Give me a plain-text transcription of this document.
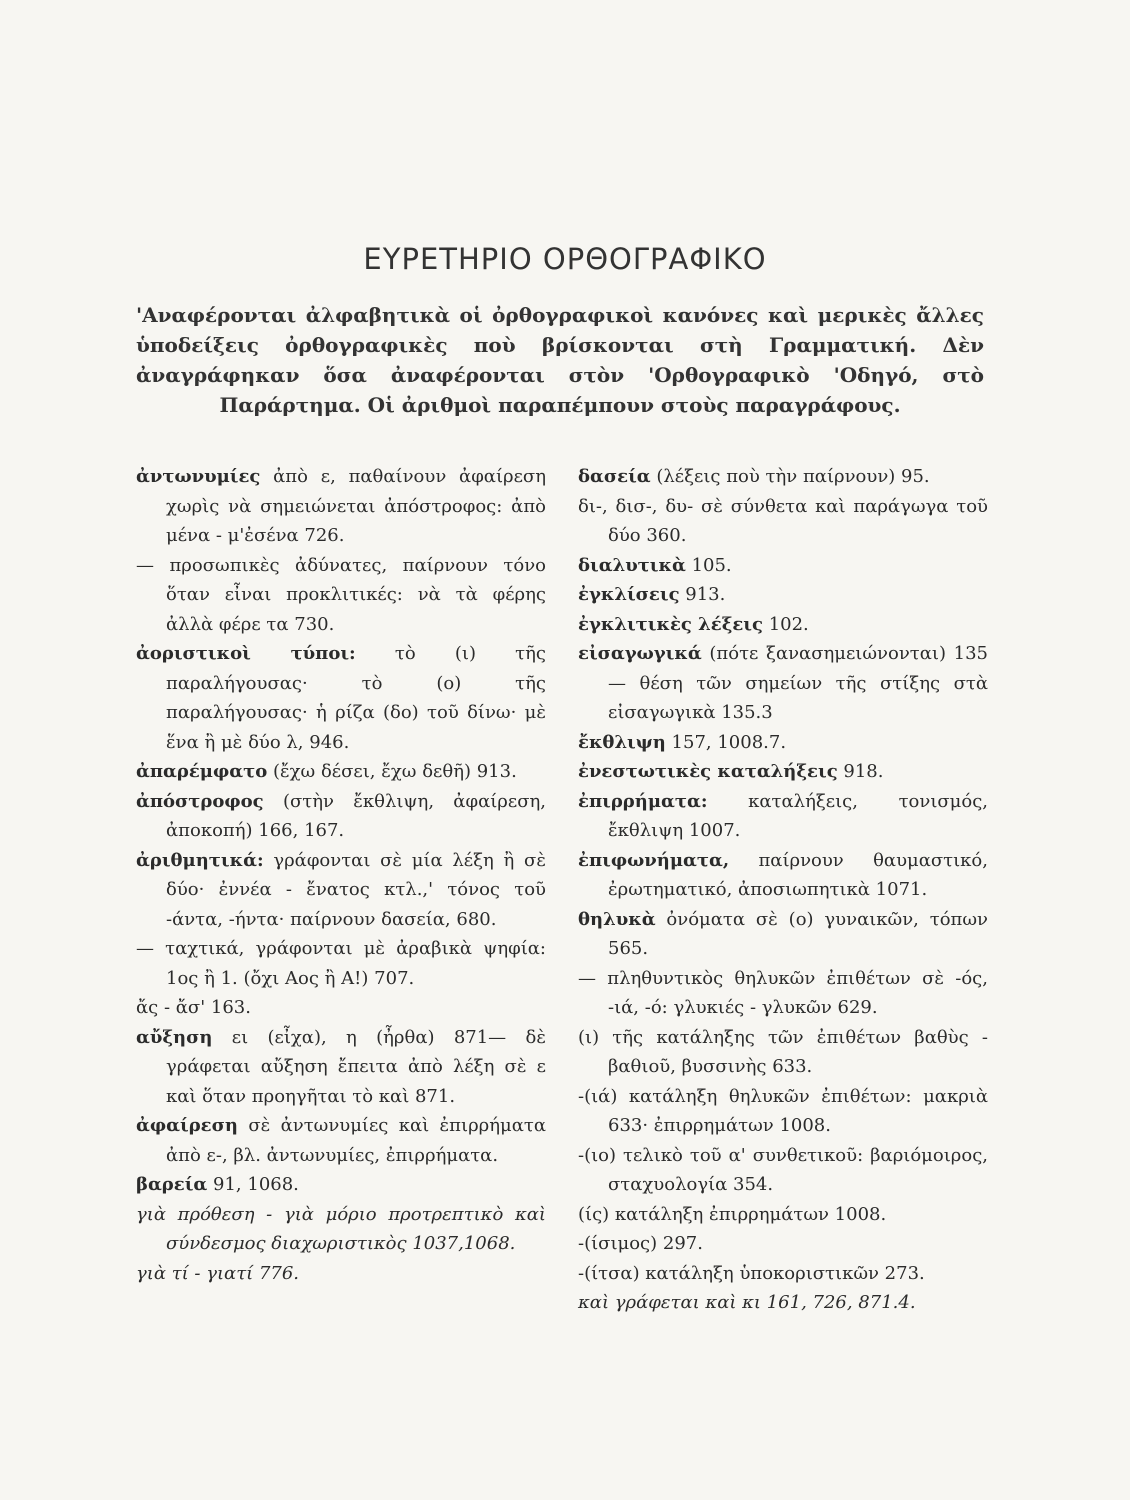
ΕΥΡΕΤΗΡΙΟ ΟΡΘΟΓΡΑΦΙΚΟ
'Αναφέρονται ἀλφαβητικὰ οἱ ὀρθογραφικοὶ κανόνες καὶ μερικὲς ἄλλες ὑποδείξεις ὀρθογραφικὲς ποὺ βρίσκονται στὴ Γραμματική. Δὲν ἀναγράφηκαν ὅσα ἀναφέρονται στὸν 'Ορθογραφικὸ 'Οδηγό, στὸ Παράρτημα. Οἱ ἀριθμοὶ παραπέμπουν στοὺς παραγράφους.
ἀντωνυμίες ἀπὸ ε, παθαίνουν ἀφαίρεση χωρὶς νὰ σημειώνεται ἀπόστροφος: ἀπὸ μένα - μ'ἐσένα 726.
— προσωπικὲς ἀδύνατες, παίρνουν τόνο ὅταν εἶναι προκλιτικές: νὰ τὰ φέρης ἀλλὰ φέρε τα 730.
ἀοριστικοὶ τύποι: τὸ (ι) τῆς παραλήγουσας· τὸ (ο) τῆς παραλήγουσας· ἡ ρίζα (δο) τοῦ δίνω· μὲ ἕνα ἢ μὲ δύο λ, 946.
ἀπαρέμφατο (ἔχω δέσει, ἔχω δεθῆ) 913.
ἀπόστροφος (στὴν ἔκθλιψη, ἀφαίρεση, ἀποκοπή) 166, 167.
ἀριθμητικά: γράφονται σὲ μία λέξη ἢ σὲ δύο· ἐννέα - ἔνατος κτλ.,' τόνος τοῦ -άντα, -ήντα· παίρνουν δασεία, 680.
— ταχτικά, γράφονται μὲ ἀραβικὰ ψηφία: 1ος ἢ 1. (ὄχι Αος ἢ Α!) 707.
ἄς - ἄσ' 163.
αὔξηση ει (εἶχα), η (ἦρθα) 871— δὲ γράφεται αὔξηση ἔπειτα ἀπὸ λέξη σὲ ε καὶ ὅταν προηγῆται τὸ καὶ 871.
ἀφαίρεση σὲ ἀντωνυμίες καὶ ἐπιρρήματα ἀπὸ ε-, βλ. ἀντωνυμίες, ἐπιρρήματα.
βαρεία 91, 1068.
γιὰ πρόθεση - γιὰ μόριο προτρεπτικὸ καὶ σύνδεσμος διαχωριστικὸς 1037,1068.
γιὰ τί - γιατί 776.
δασεία (λέξεις ποὺ τὴν παίρνουν) 95.
δι-, δισ-, δυ- σὲ σύνθετα καὶ παράγωγα τοῦ δύο 360.
διαλυτικὰ 105.
ἐγκλίσεις 913.
ἐγκλιτικὲς λέξεις 102.
εἰσαγωγικά (πότε ξανασημειώνονται) 135 — θέση τῶν σημείων τῆς στίξης στὰ εἰσαγωγικὰ 135.3
ἔκθλιψη 157, 1008.7.
ἐνεστωτικὲς καταλήξεις 918.
ἐπιρρήματα: καταλήξεις, τονισμός, ἔκθλιψη 1007.
ἐπιφωνήματα, παίρνουν θαυμαστικό, ἐρωτηματικό, ἀποσιωπητικὰ 1071.
θηλυκὰ ὀνόματα σὲ (ο) γυναικῶν, τόπων 565.
— πληθυντικὸς θηλυκῶν ἐπιθέτων σὲ -ός, -ιά, -ό: γλυκιές - γλυκῶν 629.
(ι) τῆς κατάληξης τῶν ἐπιθέτων βαθὺς - βαθιοῦ, βυσσινὴς 633.
-(ιά) κατάληξη θηλυκῶν ἐπιθέτων: μακριὰ 633· ἐπιρρημάτων 1008.
-(ιο) τελικὸ τοῦ α' συνθετικοῦ: βαριόμοιρος, σταχυολογία 354.
(ίς) κατάληξη ἐπιρρημάτων 1008.
-(ίσιμος) 297.
-(ίτσα) κατάληξη ὑποκοριστικῶν 273.
καὶ γράφεται καὶ κι 161, 726, 871.4.
